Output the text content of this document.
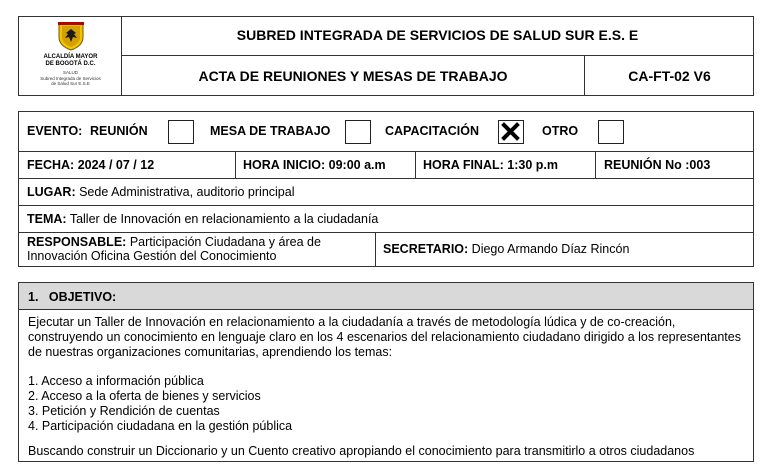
ALCALDÍA MAYOR
DE BOGOTÁ D.C.
SALUD
Subred Integrada de Servicios
de Salud Sur E.S.E
SUBRED INTEGRADA DE SERVICIOS DE SALUD SUR E.S. E
ACTA DE REUNIONES Y MESAS DE TRABAJO	CA-FT-02 V6
EVENTO: REUNIÓN	MESA DE TRABAJO	CAPACITACIÓN	OTRO
FECHA: 2024 / 07 / 12	HORA INICIO: 09:00 a.m	HORA FINAL: 1:30 p.m	REUNIÓN No :003
LUGAR: Sede Administrativa, auditorio principal
TEMA: Taller de Innovación en relacionamiento a la ciudadanía
RESPONSABLE: Participación Ciudadana y área de
Innovación Oficina Gestión del Conocimiento	SECRETARIO: Diego Armando Díaz Rincón
1.   OBJETIVO:
Ejecutar un Taller de Innovación en relacionamiento a la ciudadanía a través de metodología lúdica y de co-creación,
construyendo un conocimiento en lenguaje claro en los 4 escenarios del relacionamiento ciudadano dirigido a los representantes
de nuestras organizaciones comunitarias, aprendiendo los temas:
1. Acceso a información pública
2. Acceso a la oferta de bienes y servicios
3. Petición y Rendición de cuentas
4. Participación ciudadana en la gestión pública
Buscando construir un Diccionario y un Cuento creativo apropiando el conocimiento para transmitirlo a otros ciudadanos
